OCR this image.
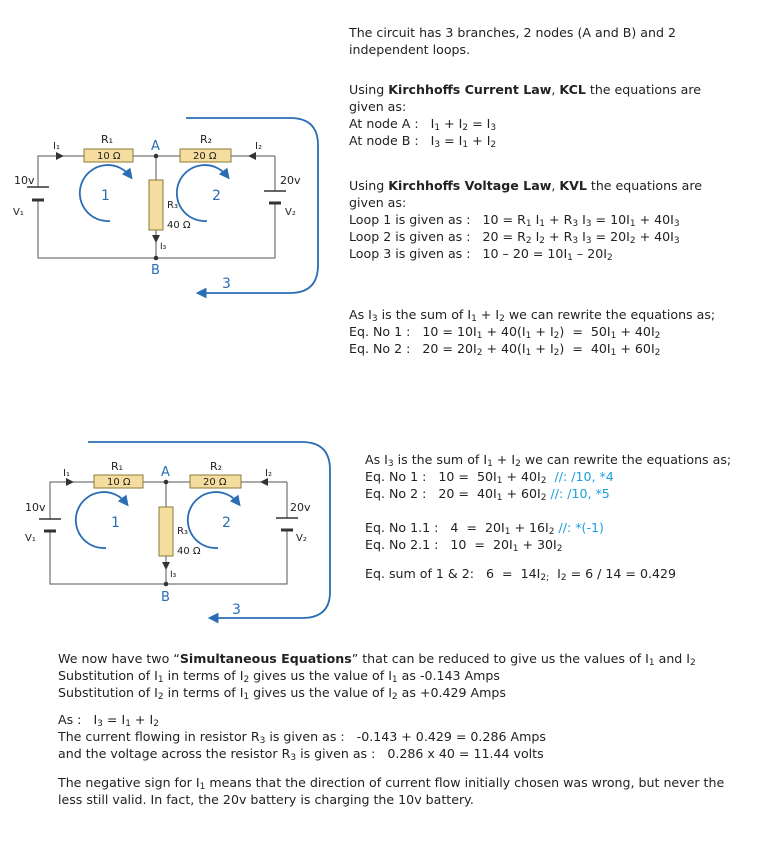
R₁
10 Ω
R₂
20 Ω
R₃
40 Ω
A
B
I₁	I₂
I₃
10v
V₁
20v
V₂
1	2
3
The circuit has 3 branches, 2 nodes (A and B) and 2
independent loops.
Using Kirchhoffs Current Law, KCL the equations are
given as:
At node A :   $I_1 + I_2 = I_3$
At node B :   $I_3 = I_1 + I_2$
Using Kirchhoffs Voltage Law, KVL the equations are
given as:
Loop 1 is given as :   $10 = R_1$ $I_1 + R_3$ $I_3 = 10I_1 + 40I_3$
Loop 2 is given as :   $20 = R_2$ $I_2 + R_3$ $I_3 = 20I_2 + 40I_3$
Loop 3 is given as :   $10 - 20 = 10I_1 - 20I_2$
As $I_3$ is the sum of $I_1 + I_2$ we can rewrite the equations as;
Eq. No 1 :   $10 = 10I_1 + 40(I_1 + I_2) = 50I_1 + 40I_2$
Eq. No 2 :   $20 = 20I_2 + 40(I_1 + I_2) = 40I_1 + 60I_2$
R₁
10 Ω
R₂
20 Ω
R₃
40 Ω
A
B
I₁	I₂
I₃
10v
V₁
20v
V₂
1	2
3
As $I_3$ is the sum of $I_1 + I_2$ we can rewrite the equations as;
Eq. No 1 :   $10 = 50I_1 + 40I_2$ //: /10, *4
Eq. No 2 :   $20 = 40I_1 + 60I_2$ //: /10, *5
Eq. No 1.1 :   $4 = 20I_1 + 16I_2$ //: *(-1)
Eq. No 2.1 :   $10 = 20I_1 + 30I_2$
Eq. sum of 1 & 2:   $6 = 14I_{2;}$  $I_2 = 6 / 14 = 0.429$
We now have two “Simultaneous Equations” that can be reduced to give us the values of $I_1$ and $I_2$
Substitution of $I_1$ in terms of $I_2$ gives us the value of $I_1$ as -0.143 Amps
Substitution of $I_2$ in terms of $I_1$ gives us the value of $I_2$ as +0.429 Amps
As :   $I_3 = I_1 + I_2$
The current flowing in resistor $R_3$ is given as : -0.143 + 0.429 = 0.286 Amps
and the voltage across the resistor $R_3$ is given as : 0.286 x 40 = 11.44 volts
The negative sign for $I_1$ means that the direction of current flow initially chosen was wrong, but never the
less still valid. In fact, the 20v battery is charging the 10v battery.
